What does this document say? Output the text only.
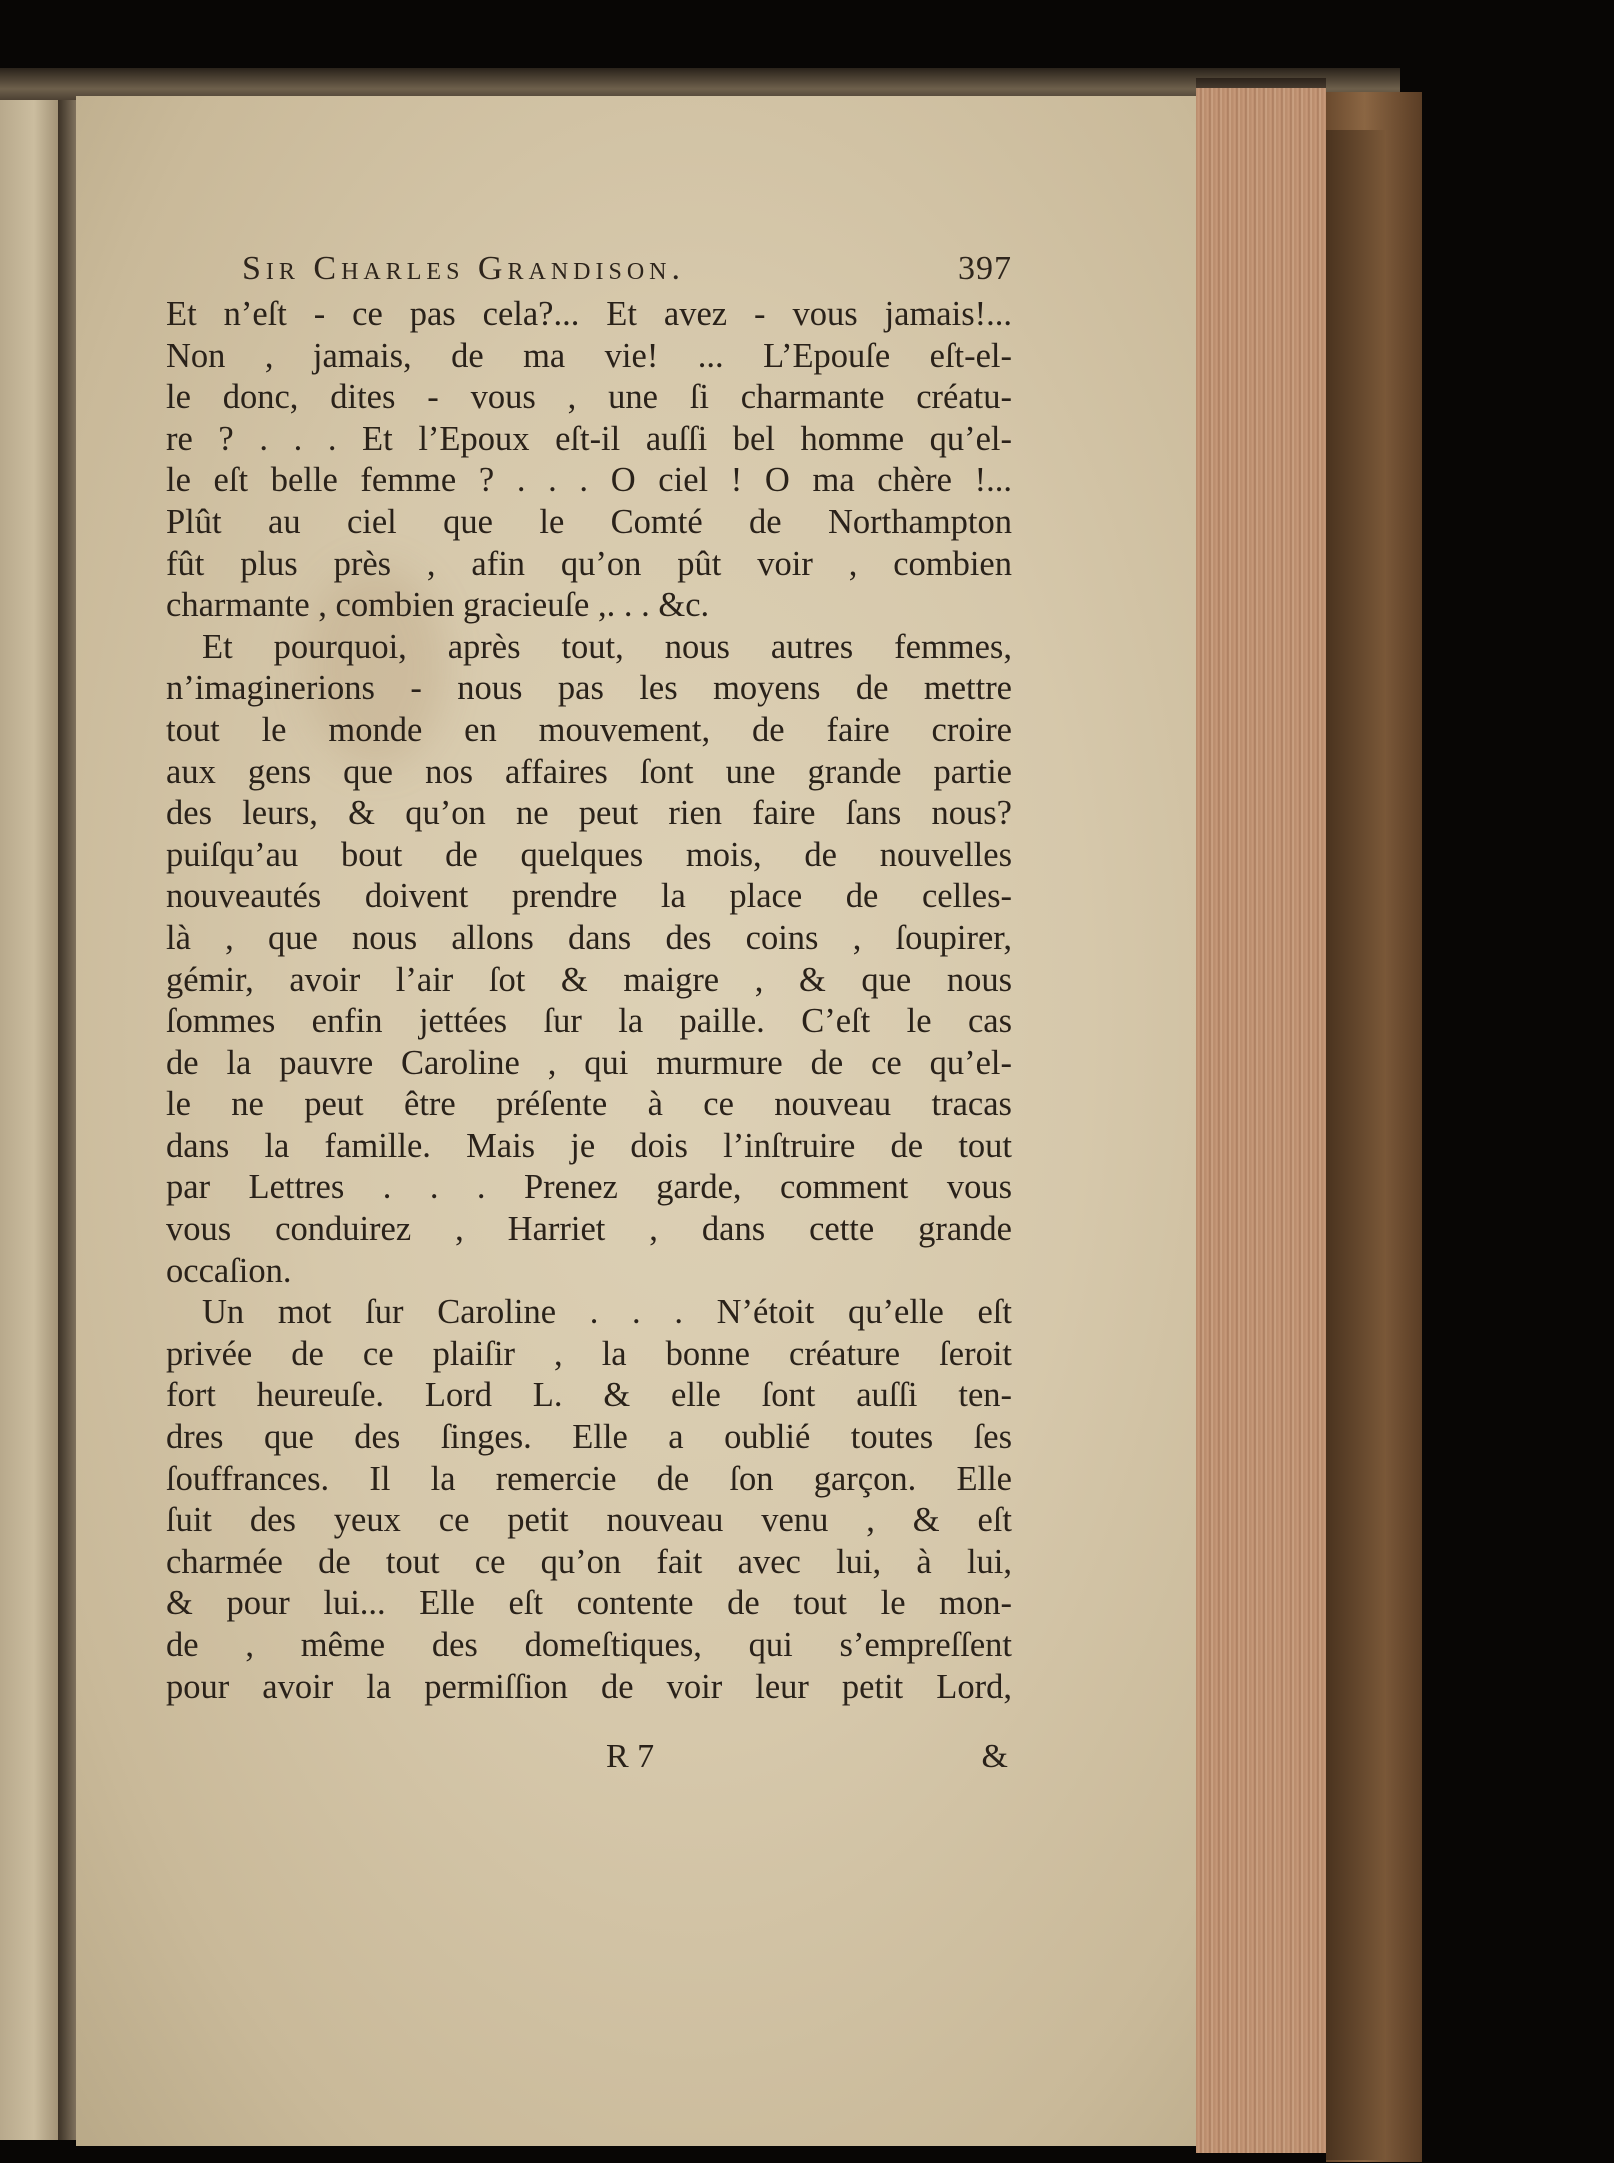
Sir Charles Grandison.	397
Et n’eſt - ce pas cela?... Et avez - vous jamais!...
Non , jamais, de ma vie! ... L’Epouſe eſt-el-
le donc, dites - vous , une ſi charmante créatu-
re ? . . . Et l’Epoux eſt-il auſſi bel homme qu’el-
le eſt belle femme ? . . . O ciel ! O ma chère !...
Plût au ciel que le Comté de Northampton
fût plus près , afin qu’on pût voir , combien
charmante , combien gracieuſe ,. . . &c.
Et pourquoi, après tout, nous autres femmes,
n’imaginerions - nous pas les moyens de mettre
tout le monde en mouvement, de faire croire
aux gens que nos affaires ſont une grande partie
des leurs, & qu’on ne peut rien faire ſans nous?
puiſqu’au bout de quelques mois, de nouvelles
nouveautés doivent prendre la place de celles-
là , que nous allons dans des coins , ſoupirer,
gémir, avoir l’air ſot & maigre , & que nous
ſommes enfin jettées ſur la paille. C’eſt le cas
de la pauvre Caroline , qui murmure de ce qu’el-
le ne peut être préſente à ce nouveau tracas
dans la famille. Mais je dois l’inſtruire de tout
par Lettres . . . Prenez garde, comment vous
vous conduirez , Harriet , dans cette grande
occaſion.
Un mot ſur Caroline . . . N’étoit qu’elle eſt
privée de ce plaiſir , la bonne créature ſeroit
fort heureuſe. Lord L. & elle ſont auſſi ten-
dres que des ſinges. Elle a oublié toutes ſes
ſouffrances. Il la remercie de ſon garçon. Elle
ſuit des yeux ce petit nouveau venu , & eſt
charmée de tout ce qu’on fait avec lui, à lui,
& pour lui... Elle eſt contente de tout le mon-
de , même des domeſtiques, qui s’empreſſent
pour avoir la permiſſion de voir leur petit Lord,
R 7	&
